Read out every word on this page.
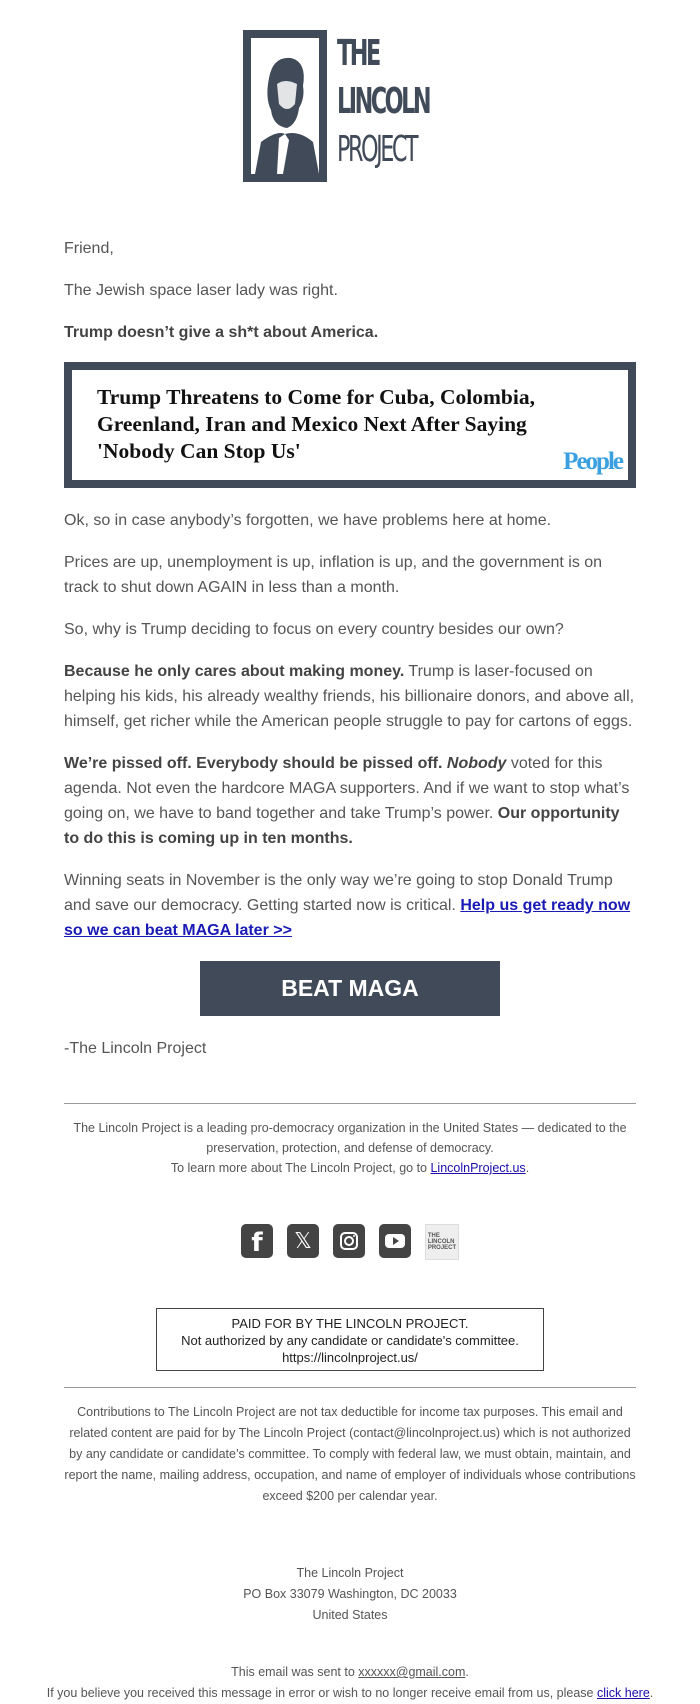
THE
LINCOLN
PROJECT

Friend,

The Jewish space laser lady was right.

Trump doesn’t give a sh*t about America.

Trump Threatens to Come for Cuba, Colombia, Greenland, Iran and Mexico Next After Saying 'Nobody Can Stop Us'	People

Ok, so in case anybody’s forgotten, we have problems here at home.

Prices are up, unemployment is up, inflation is up, and the government is on track to shut down AGAIN in less than a month.

So, why is Trump deciding to focus on every country besides our own?

Because he only cares about making money. Trump is laser-focused on helping his kids, his already wealthy friends, his billionaire donors, and above all, himself, get richer while the American people struggle to pay for cartons of eggs.

We’re pissed off. Everybody should be pissed off. Nobody voted for this agenda. Not even the hardcore MAGA supporters. And if we want to stop what’s going on, we have to band together and take Trump’s power. Our opportunity to do this is coming up in ten months.

Winning seats in November is the only way we’re going to stop Donald Trump and save our democracy. Getting started now is critical. Help us get ready now so we can beat MAGA later >>

BEAT MAGA

-The Lincoln Project

The Lincoln Project is a leading pro-democracy organization in the United States — dedicated to the preservation, protection, and defense of democracy.
To learn more about The Lincoln Project, go to LincolnProject.us.
f	𝕏	THE
LINCOLN
PROJECT
PAID FOR BY THE LINCOLN PROJECT.
Not authorized by any candidate or candidate's committee.
https://lincolnproject.us/
Contributions to The Lincoln Project are not tax deductible for income tax purposes. This email and related content are paid for by The Lincoln Project (contact@lincolnproject.us) which is not authorized by any candidate or candidate’s committee. To comply with federal law, we must obtain, maintain, and report the name, mailing address, occupation, and name of employer of individuals whose contributions exceed $200 per calendar year.
The Lincoln Project
PO Box 33079 Washington, DC 20033
United States
This email was sent to xxxxxx@gmail.com.
If you believe you received this message in error or wish to no longer receive email from us, please click here.
